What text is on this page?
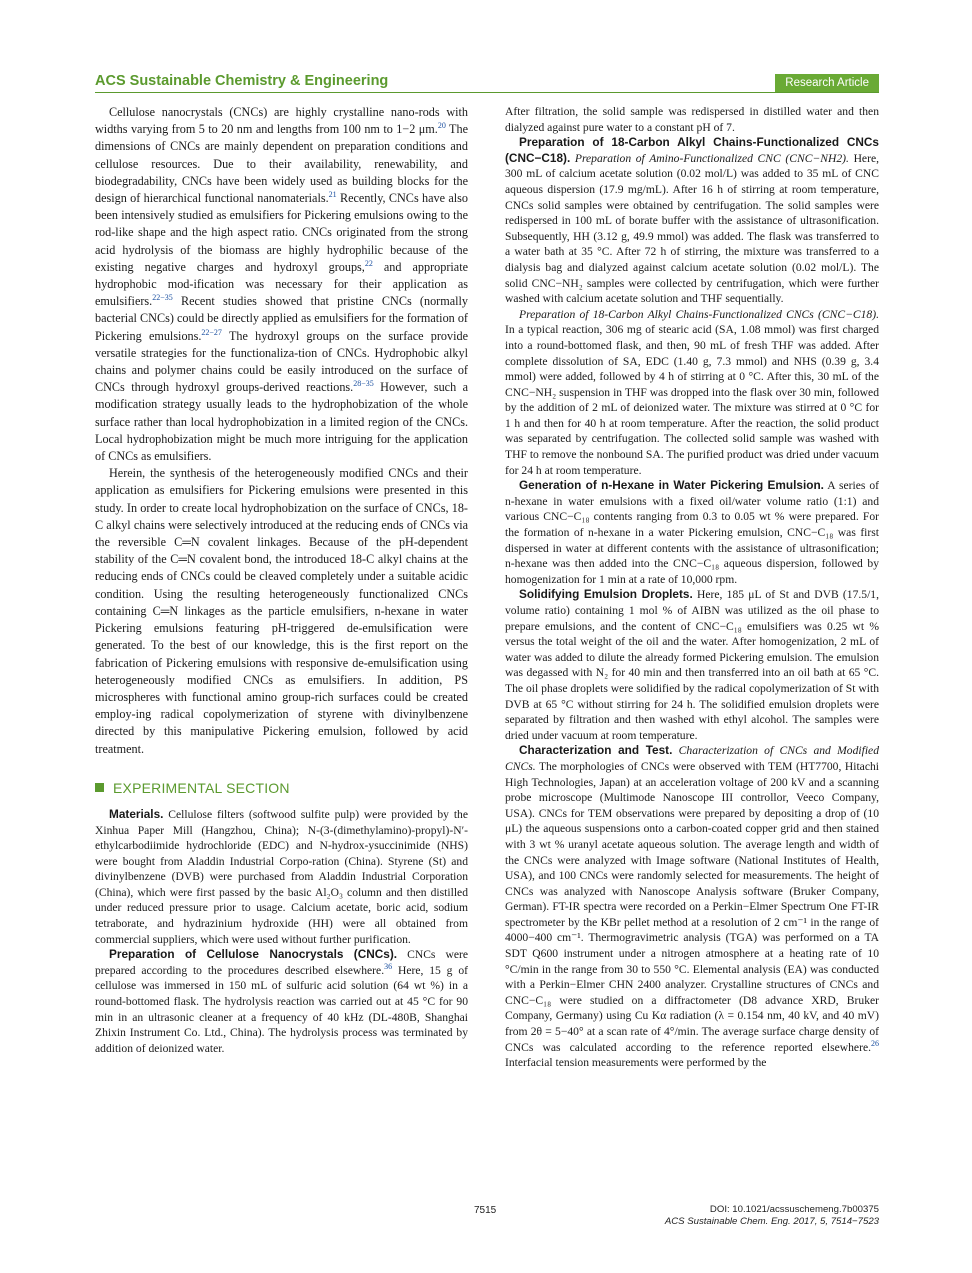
ACS Sustainable Chemistry & Engineering	Research Article

Cellulose nanocrystals (CNCs) are highly crystalline nano-rods with widths varying from 5 to 20 nm and lengths from 100 nm to 1−2 μm.$^{20}$ The dimensions of CNCs are mainly dependent on preparation conditions and cellulose resources. Due to their availability, renewability, and biodegradability, CNCs have been widely used as building blocks for the design of hierarchical functional nanomaterials.$^{21}$ Recently, CNCs have also been intensively studied as emulsifiers for Pickering emulsions owing to the rod-like shape and the high aspect ratio. CNCs originated from the strong acid hydrolysis of the biomass are highly hydrophilic because of the existing negative charges and hydroxyl groups,$^{22}$ and appropriate hydrophobic mod-ification was necessary for their application as emulsifiers.$^{22-35}$ Recent studies showed that pristine CNCs (normally bacterial CNCs) could be directly applied as emulsifiers for the formation of Pickering emulsions.$^{22-27}$ The hydroxyl groups on the surface provide versatile strategies for the functionaliza-tion of CNCs. Hydrophobic alkyl chains and polymer chains could be easily introduced on the surface of CNCs through hydroxyl groups-derived reactions.$^{28-35}$ However, such a modification strategy usually leads to the hydrophobization of the whole surface rather than local hydrophobization in a limited region of the CNCs. Local hydrophobization might be much more intriguing for the application of CNCs as emulsifiers.

Herein, the synthesis of the heterogeneously modified CNCs and their application as emulsifiers for Pickering emulsions were presented in this study. In order to create local hydrophobization on the surface of CNCs, 18-C alkyl chains were selectively introduced at the reducing ends of CNCs via the reversible C═N covalent linkages. Because of the pH-dependent stability of the C═N covalent bond, the introduced 18-C alkyl chains at the reducing ends of CNCs could be cleaved completely under a suitable acidic condition. Using the resulting heterogeneously functionalized CNCs containing C═N linkages as the particle emulsifiers, n-hexane in water Pickering emulsions featuring pH-triggered de-emulsification were generated. To the best of our knowledge, this is the first report on the fabrication of Pickering emulsions with responsive de-emulsification using heterogeneously modified CNCs as emulsifiers. In addition, PS microspheres with functional amino group-rich surfaces could be created employ-ing radical copolymerization of styrene with divinylbenzene directed by this manipulative Pickering emulsion, followed by acid treatment.

EXPERIMENTAL SECTION

Materials. Cellulose filters (softwood sulfite pulp) were provided by the Xinhua Paper Mill (Hangzhou, China); N-(3-(dimethylamino)-propyl)-N′-ethylcarbodiimide hydrochloride (EDC) and N-hydrox-ysuccinimide (NHS) were bought from Aladdin Industrial Corpo-ration (China). Styrene (St) and divinylbenzene (DVB) were purchased from Aladdin Industrial Corporation (China), which were first passed by the basic Al₂O₃ column and then distilled under reduced pressure prior to usage. Calcium acetate, boric acid, sodium tetraborate, and hydrazinium hydroxide (HH) were all obtained from commercial suppliers, which were used without further purification.

Preparation of Cellulose Nanocrystals (CNCs). CNCs were prepared according to the procedures described elsewhere.$^{36}$ Here, 15 g of cellulose was immersed in 150 mL of sulfuric acid solution (64 wt %) in a round-bottomed flask. The hydrolysis reaction was carried out at 45 °C for 90 min in an ultrasonic cleaner at a frequency of 40 kHz (DL-480B, Shanghai Zhixin Instrument Co. Ltd., China). The hydrolysis process was terminated by addition of deionized water.

After filtration, the solid sample was redispersed in distilled water and then dialyzed against pure water to a constant pH of 7.

Preparation of 18-Carbon Alkyl Chains-Functionalized CNCs (CNC−C18). Preparation of Amino-Functionalized CNC (CNC−NH2). Here, 300 mL of calcium acetate solution (0.02 mol/L) was added to 35 mL of CNC aqueous dispersion (17.9 mg/mL). After 16 h of stirring at room temperature, CNCs solid samples were obtained by centrifugation. The solid samples were redispersed in 100 mL of borate buffer with the assistance of ultrasonification. Subsequently, HH (3.12 g, 49.9 mmol) was added. The flask was transferred to a water bath at 35 °C. After 72 h of stirring, the mixture was transferred to a dialysis bag and dialyzed against calcium acetate solution (0.02 mol/L). The solid CNC−NH₂ samples were collected by centrifugation, which were further washed with calcium acetate solution and THF sequentially.

Preparation of 18-Carbon Alkyl Chains-Functionalized CNCs (CNC−C18). In a typical reaction, 306 mg of stearic acid (SA, 1.08 mmol) was first charged into a round-bottomed flask, and then, 90 mL of fresh THF was added. After complete dissolution of SA, EDC (1.40 g, 7.3 mmol) and NHS (0.39 g, 3.4 mmol) were added, followed by 4 h of stirring at 0 °C. After this, 30 mL of the CNC−NH₂ suspension in THF was dropped into the flask over 30 min, followed by the addition of 2 mL of deionized water. The mixture was stirred at 0 °C for 1 h and then for 40 h at room temperature. After the reaction, the solid product was separated by centrifugation. The collected solid sample was washed with THF to remove the nonbound SA. The purified product was dried under vacuum for 24 h at room temperature.

Generation of n-Hexane in Water Pickering Emulsion. A series of n-hexane in water emulsions with a fixed oil/water volume ratio (1:1) and various CNC−C₁₈ contents ranging from 0.3 to 0.05 wt % were prepared. For the formation of n-hexane in a water Pickering emulsion, CNC−C₁₈ was first dispersed in water at different contents with the assistance of ultrasonification; n-hexane was then added into the CNC−C₁₈ aqueous dispersion, followed by homogenization for 1 min at a rate of 10,000 rpm.

Solidifying Emulsion Droplets. Here, 185 μL of St and DVB (17.5/1, volume ratio) containing 1 mol % of AIBN was utilized as the oil phase to prepare emulsions, and the content of CNC−C₁₈ emulsifiers was 0.25 wt % versus the total weight of the oil and the water. After homogenization, 2 mL of water was added to dilute the already formed Pickering emulsion. The emulsion was degassed with N₂ for 40 min and then transferred into an oil bath at 65 °C. The oil phase droplets were solidified by the radical copolymerization of St with DVB at 65 °C without stirring for 24 h. The solidified emulsion droplets were separated by filtration and then washed with ethyl alcohol. The samples were dried under vacuum at room temperature.

Characterization and Test. Characterization of CNCs and Modified CNCs. The morphologies of CNCs were observed with TEM (HT7700, Hitachi High Technologies, Japan) at an acceleration voltage of 200 kV and a scanning probe microscope (Multimode Nanoscope III controllor, Veeco Company, USA). CNCs for TEM observations were prepared by depositing a drop of (10 μL) the aqueous suspensions onto a carbon-coated copper grid and then stained with 3 wt % uranyl acetate aqueous solution. The average length and width of the CNCs were analyzed with Image software (National Institutes of Health, USA), and 100 CNCs were randomly selected for measurements. The height of CNCs was analyzed with Nanoscope Analysis software (Bruker Company, German). FT-IR spectra were recorded on a Perkin−Elmer Spectrum One FT-IR spectrometer by the KBr pellet method at a resolution of 2 cm⁻¹ in the range of 4000−400 cm⁻¹. Thermogravimetric analysis (TGA) was performed on a TA SDT Q600 instrument under a nitrogen atmosphere at a heating rate of 10 °C/min in the range from 30 to 550 °C. Elemental analysis (EA) was conducted with a Perkin−Elmer CHN 2400 analyzer. Crystalline structures of CNCs and CNC−C₁₈ were studied on a diffractometer (D8 advance XRD, Bruker Company, Germany) using Cu Kα radiation (λ = 0.154 nm, 40 kV, and 40 mV) from 2θ = 5−40° at a scan rate of 4°/min. The average surface charge density of CNCs was calculated according to the reference reported elsewhere.$^{26}$ Interfacial tension measurements were performed by the

7515	DOI: 10.1021/acssuschemeng.7b00375
ACS Sustainable Chem. Eng. 2017, 5, 7514−7523
